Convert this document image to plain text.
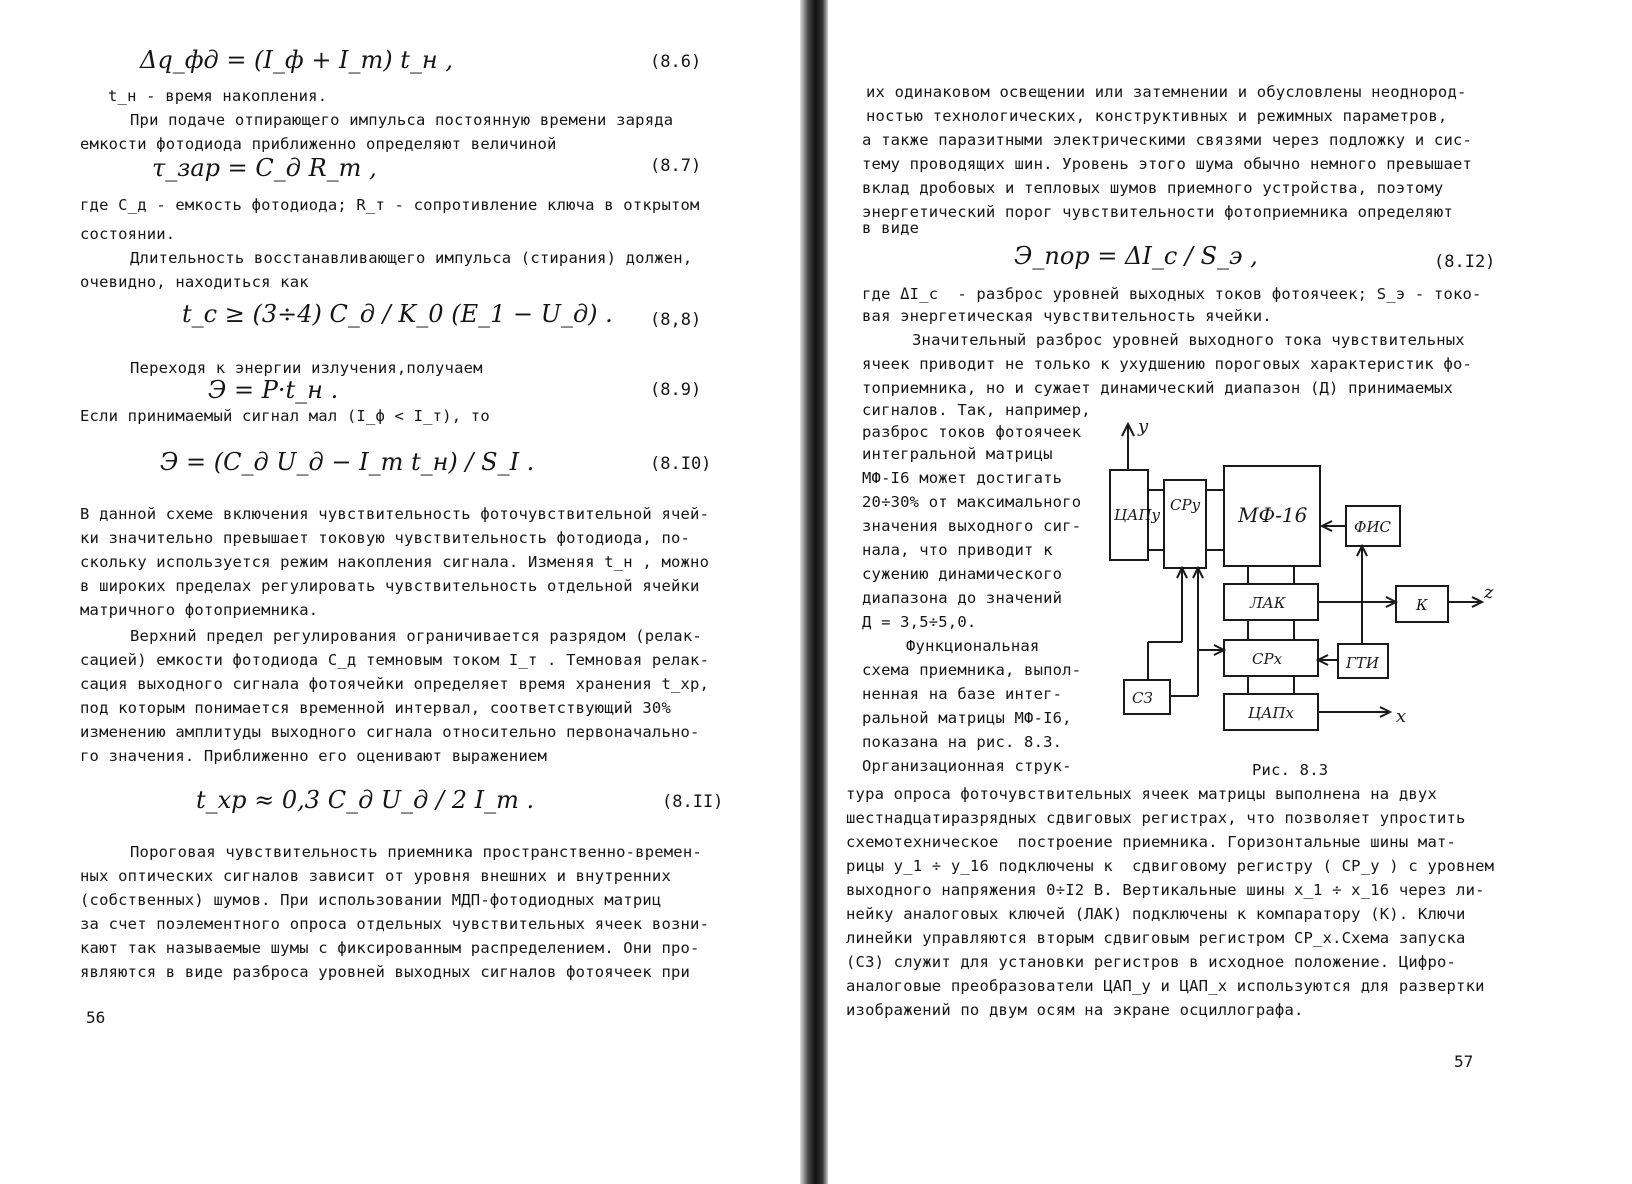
Δq_фд = (I_ф + I_т) t_н ,	(8.6)
t_н - время накопления.
При подаче отпирающего импульса постоянную времени заряда
емкости фотодиода приближенно определяют величиной
τ_зар = C_д R_т ,	(8.7)
где C_д - емкость фотодиода; R_т - сопротивление ключа в открытом
состоянии.
Длительность восстанавливающего импульса (стирания) должен,
очевидно, находиться как
t_c ≥ (3÷4) C_д / K_0 (E_1 − U_д) . (8,8)
Переходя к энергии излучения,получаем
Э = P·t_н .	(8.9)
Если принимаемый сигнал мал (I_ф < I_т), то
Э = (C_д U_д − I_т t_н) / S_I .	(8.I0)
В данной схеме включения чувствительность фоточувствительной ячей-
ки значительно превышает токовую чувствительность фотодиода, по-
скольку используется режим накопления сигнала. Изменяя t_н , можно
в широких пределах регулировать чувствительность отдельной ячейки
матричного фотоприемника.
Верхний предел регулирования ограничивается разрядом (релак-
сацией) емкости фотодиода C_д темновым током I_т . Темновая релак-
сация выходного сигнала фотоячейки определяет время хранения t_хр,
под которым понимается временной интервал, соответствующий 30%
изменению амплитуды выходного сигнала относительно первоначально-
го значения. Приближенно его оценивают выражением
t_хр ≈ 0,3 C_д U_д / 2 I_т .	(8.II)
Пороговая чувствительность приемника пространственно-времен-
ных оптических сигналов зависит от уровня внешних и внутренних
(собственных) шумов. При использовании МДП-фотодиодных матриц
за счет поэлементного опроса отдельных чувствительных ячеек возни-
кают так называемые шумы с фиксированным распределением. Они про-
являются в виде разброса уровней выходных сигналов фотоячеек при
56
их одинаковом освещении или затемнении и обусловлены неоднород-
ностью технологических, конструктивных и режимных параметров,
а также паразитными электрическими связями через подложку и сис-
тему проводящих шин. Уровень этого шума обычно немного превышает
вклад дробовых и тепловых шумов приемного устройства, поэтому
энергетический порог чувствительности фотоприемника определяют
в виде
Э_пор = ΔI_c / S_э ,	(8.I2)
где ΔI_c  - разброс уровней выходных токов фотоячеек; S_э - токо-
вая энергетическая чувствительность ячейки.
Значительный разброс уровней выходного тока чувствительных
ячеек приводит не только к ухудшению пороговых характеристик фо-
топриемника, но и сужает динамический диапазон (Д) принимаемых
сигналов. Так, например,
разброс токов фотоячеек
интегральной матрицы
МФ-I6 может достигать
20÷30% от максимального
значения выходного сиг-
нала, что приводит к
сужению динамического
диапазона до значений
Д = 3,5÷5,0.
Функциональная
схема приемника, выпол-
ненная на базе интег-
ральной матрицы МФ-I6,
показана на рис. 8.3.
Организационная струк-
ЦАПy
CPy МФ-16	ФИС
ЛАК	К
CPx	ГТИ
СЗ
ЦАПx
y
z
x
Рис. 8.3
тура опроса фоточувствительных ячеек матрицы выполнена на двух
шестнадцатиразрядных сдвиговых регистрах, что позволяет упростить
схемотехническое  построение приемника. Горизонтальные шины мат-
рицы y_1 ÷ y_16 подключены к  сдвиговому регистру ( CP_y ) с уровнем
выходного напряжения 0÷I2 В. Вертикальные шины x_1 ÷ x_16 через ли-
нейку аналоговых ключей (ЛАК) подключены к компаратору (К). Ключи
линейки управляются вторым сдвиговым регистром CP_x.Схема запуска
(СЗ) служит для установки регистров в исходное положение. Цифро-
аналоговые преобразователи ЦАП_у и ЦАП_х используются для развертки
изображений по двум осям на экране осциллографа.
57
